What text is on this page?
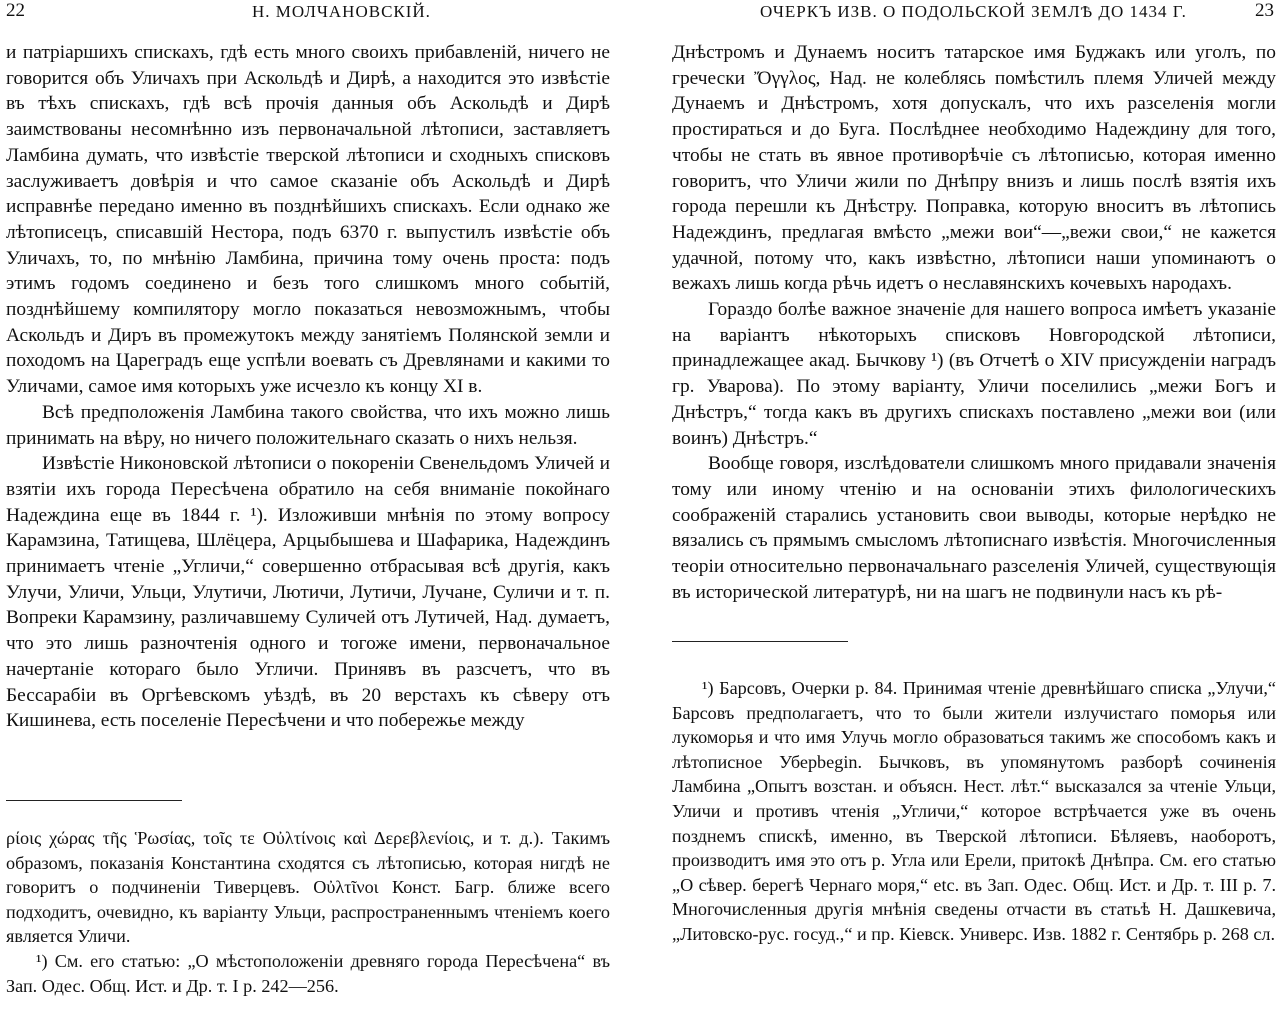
22	Н. МОЛЧАНОВСКІЙ.

и патріаршихъ спискахъ, гдѣ есть много своихъ прибавленій, ничего не говорится объ Уличахъ при Аскольдѣ и Дирѣ, а находится это извѣстіе въ тѣхъ спискахъ, гдѣ всѣ прочія данныя объ Аскольдѣ и Дирѣ заимствованы несомнѣнно изъ первоначальной лѣтописи, заставляетъ Ламбина думать, что извѣстіе тверской лѣтописи и сходныхъ списковъ заслуживаетъ довѣрія и что самое сказаніе объ Аскольдѣ и Дирѣ исправнѣе передано именно въ позднѣйшихъ спискахъ. Если однако же лѣтописецъ, списавшій Нестора, подъ 6370 г. выпустилъ извѣстіе объ Уличахъ, то, по мнѣнію Ламбина, причина тому очень проста: подъ этимъ годомъ соединено и безъ того слишкомъ много событій, позднѣйшему компилятору могло показаться невозможнымъ, чтобы Аскольдъ и Диръ въ промежутокъ между занятіемъ Полянской земли и походомъ на Цареградъ еще успѣли воевать съ Древлянами и какими то Уличами, самое имя которыхъ уже исчезло къ концу XI в.

Всѣ предположенія Ламбина такого свойства, что ихъ можно лишь принимать на вѣру, но ничего положительнаго сказать о нихъ нельзя.

Извѣстіе Никоновской лѣтописи о покореніи Свенельдомъ Уличей и взятіи ихъ города Пересѣчена обратило на себя вниманіе покойнаго Надеждина еще въ 1844 г. ¹). Изложивши мнѣнія по этому вопросу Карамзина, Татищева, Шлёцера, Арцыбышева и Шафарика, Надеждинъ принимаетъ чтеніе „Угличи,“ совершенно отбрасывая всѣ другія, какъ Улучи, Уличи, Ульци, Улутичи, Лютичи, Лутичи, Лучане, Суличи и т. п. Вопреки Карамзину, различавшему Суличей отъ Лутичей, Над. думаетъ, что это лишь разночтенія одного и тогоже имени, первоначальное начертаніе котораго было Угличи. Принявъ въ разсчетъ, что въ Бессарабіи въ Оргѣевскомъ уѣздѣ, въ 20 верстахъ къ сѣверу отъ Кишинева, есть поселеніе Пересѣчени и что побережье между

ρίοις χώρας τῆς Ῥωσίας, τοῖς τε Οὐλτίνοις καὶ Δερεβλενίοις, и т. д.). Такимъ образомъ, показанія Константина сходятся съ лѣтописью, которая нигдѣ не говоритъ о подчиненіи Тиверцевъ. Οὐλτῖνοι Конст. Багр. ближе всего подходитъ, очевидно, къ варіанту Ульци, распространеннымъ чтеніемъ коего является Уличи.

¹) См. его статью: „О мѣстоположеніи древняго города Пересѣчена“ въ Зап. Одес. Общ. Ист. и Др. т. I р. 242—256.

ОЧЕРКЪ ИЗВ. О ПОДОЛЬСКОЙ ЗЕМЛѢ ДО 1434 Г.	23

Днѣстромъ и Дунаемъ носитъ татарское имя Буджакъ или уголъ, по гречески Ὄγγλος, Над. не колеблясь помѣстилъ племя Уличей между Дунаемъ и Днѣстромъ, хотя допускалъ, что ихъ разселенія могли простираться и до Буга. Послѣднее необходимо Надеждину для того, чтобы не стать въ явное противорѣчіе съ лѣтописью, которая именно говоритъ, что Уличи жили по Днѣпру внизъ и лишь послѣ взятія ихъ города перешли къ Днѣстру. Поправка, которую вноситъ въ лѣтопись Надеждинъ, предлагая вмѣсто „межи вои“—„вежи свои,“ не кажется удачной, потому что, какъ извѣстно, лѣтописи наши упоминаютъ о вежахъ лишь когда рѣчь идетъ о неславянскихъ кочевыхъ народахъ.

Гораздо болѣе важное значеніе для нашего вопроса имѣетъ указаніе на варіантъ нѣкоторыхъ списковъ Новгородской лѣтописи, принадлежащее акад. Бычкову ¹) (въ Отчетѣ о XIV присужденіи наградъ гр. Уварова). По этому варіанту, Уличи поселились „межи Богъ и Днѣстръ,“ тогда какъ въ другихъ спискахъ поставлено „межи вои (или воинъ) Днѣстръ.“

Вообще говоря, изслѣдователи слишкомъ много придавали значенія тому или иному чтенію и на основаніи этихъ филологическихъ соображеній старались установить свои выводы, которые нерѣдко не вязались съ прямымъ смысломъ лѣтописнаго извѣстія. Многочисленныя теоріи относительно первоначальнаго разселенія Уличей, существующія въ исторической литературѣ, ни на шагъ не подвинули насъ къ рѣ-

¹) Барсовъ, Очерки р. 84. Принимая чтеніе древнѣйшаго списка „Улучи,“ Барсовъ предполагаетъ, что то были жители излучистаго поморья или лукоморья и что имя Улучь могло образоваться такимъ же способомъ какъ и лѣтописное Уберbegin. Бычковъ, въ упомянутомъ разборѣ сочиненія Ламбина „Опытъ возстан. и объясн. Нест. лѣт.“ высказался за чтеніе Ульци, Уличи и противъ чтенія „Угличи,“ которое встрѣчается уже въ очень позднемъ спискѣ, именно, въ Тверской лѣтописи. Бѣляевъ, наоборотъ, производитъ имя это отъ р. Угла или Ерели, притокѣ Днѣпра. См. его статью „О сѣвер. берегѣ Чернаго моря,“ etc. въ Зап. Одес. Общ. Ист. и Др. т. III р. 7. Многочисленныя другія мнѣнія сведены отчасти въ статьѣ Н. Дашкевича, „Литовско-рус. госуд.,“ и пр. Кіевск. Универс. Изв. 1882 г. Сентябрь р. 268 сл.
